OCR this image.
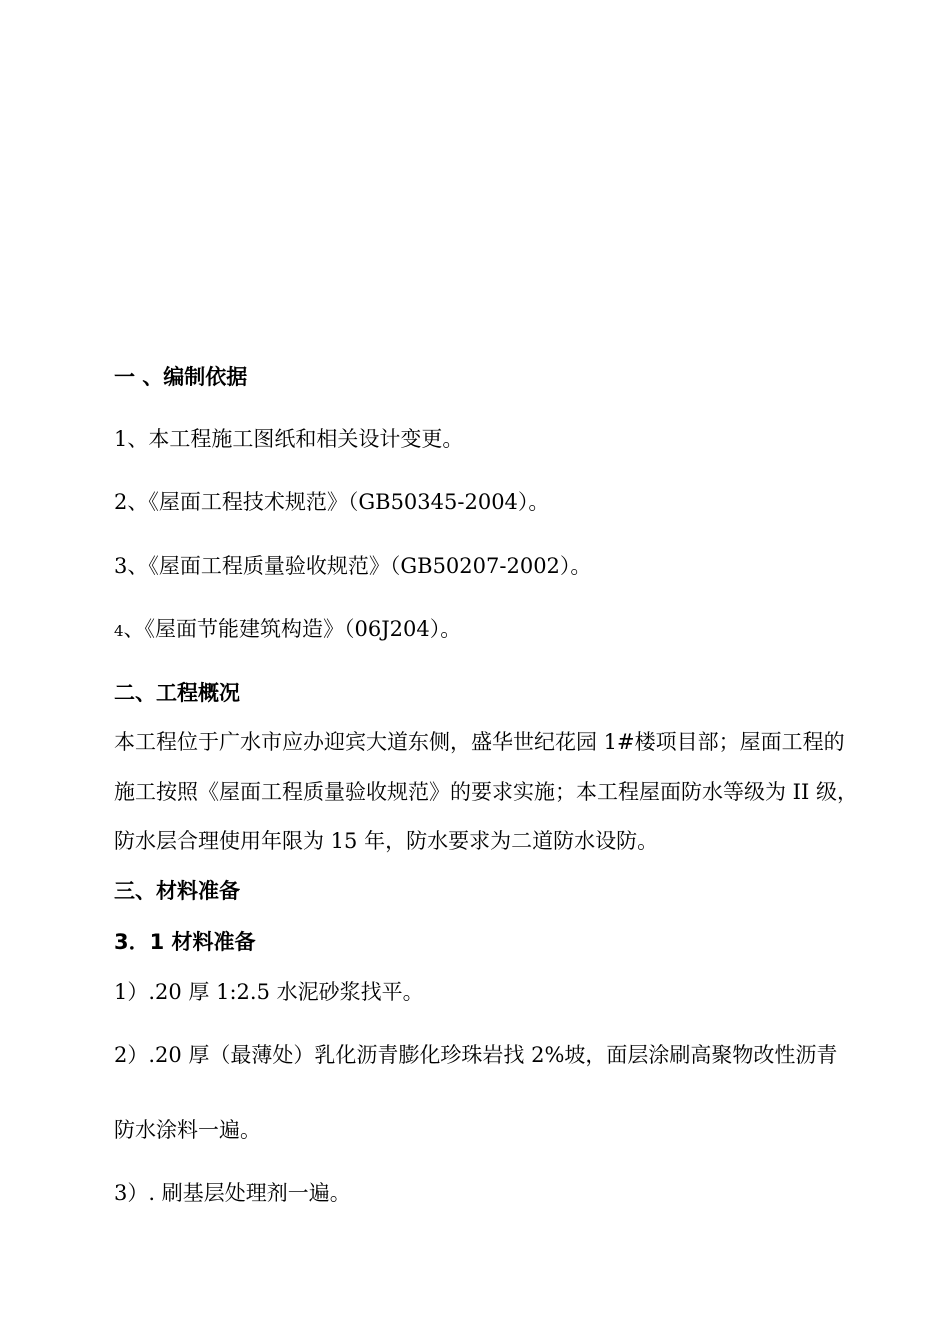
一 、编制依据

1、本工程施工图纸和相关设计变更。

2、《屋面工程技术规范》（GB50345-2004）。

3、《屋面工程质量验收规范》（GB50207-2002）。

4、《屋面节能建筑构造》（06J204）。

二、工程概况

本工程位于广水市应办迎宾大道东侧，盛华世纪花园 1#楼项目部；屋面工程的

施工按照《屋面工程质量验收规范》的要求实施；本工程屋面防水等级为 II 级，

防水层合理使用年限为 15 年，防水要求为二道防水设防。

三、材料准备
3．1 材料准备

1）.20 厚 1:2.5 水泥砂浆找平。

2）.20 厚（最薄处）乳化沥青膨化珍珠岩找 2%坡，面层涂刷高聚物改性沥青

防水涂料一遍。

3）. 刷基层处理剂一遍。
